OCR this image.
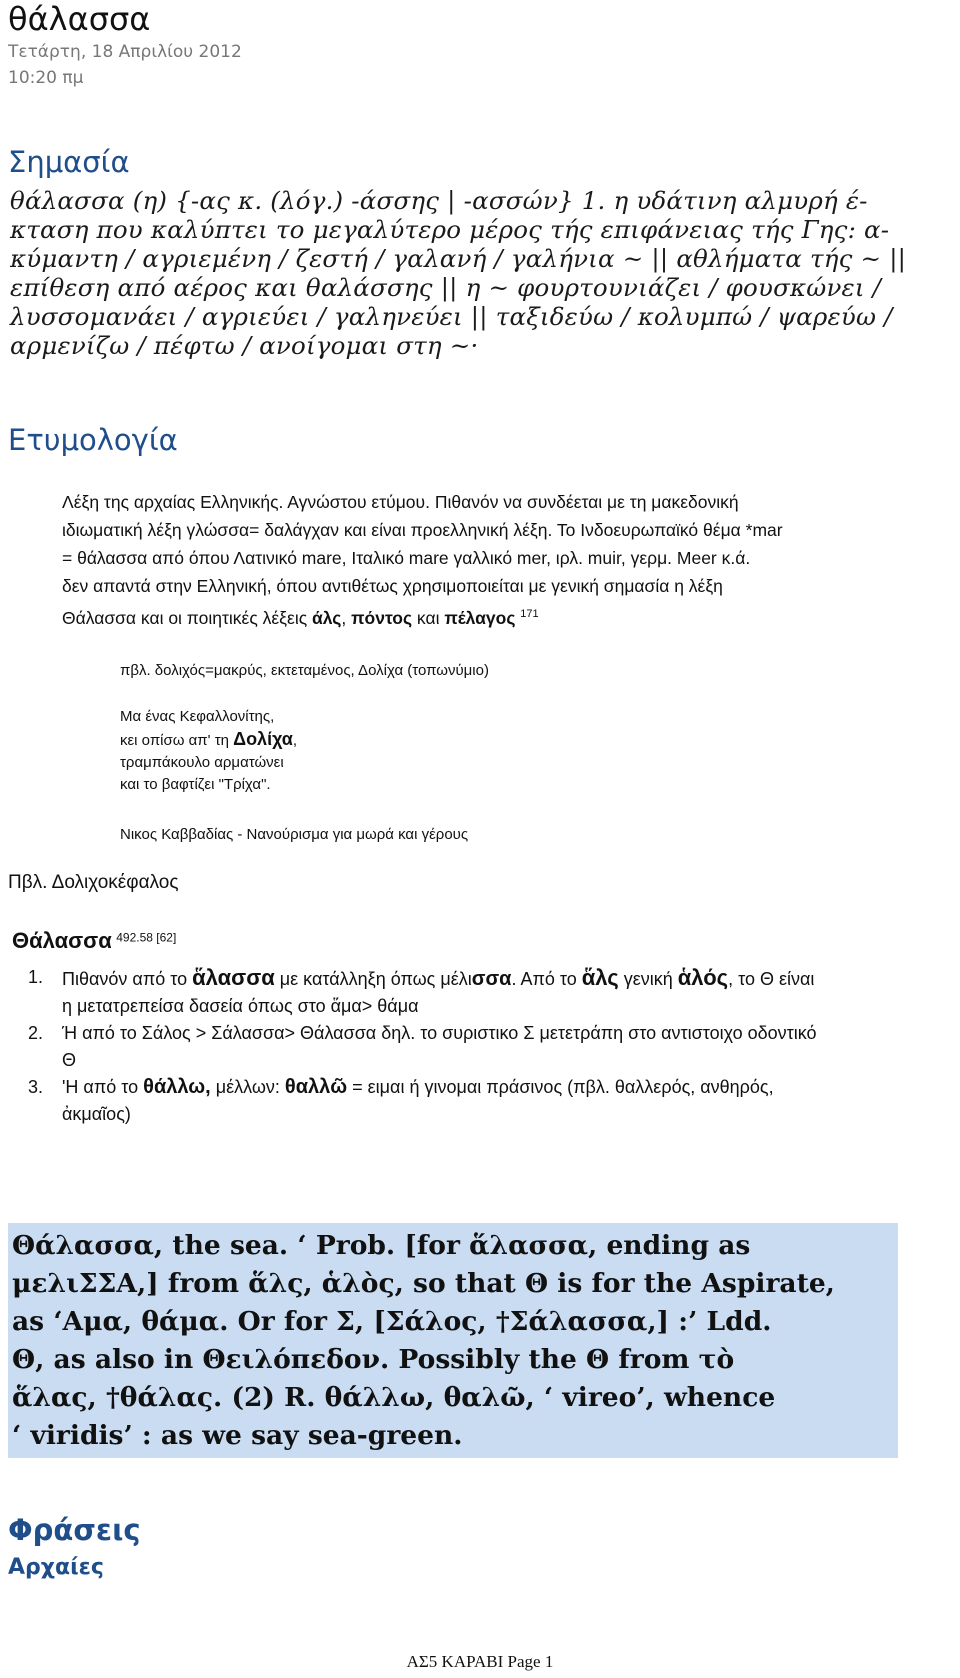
θάλασσα
Τετάρτη, 18 Απριλίου 2012
10:20 πμ
Σημασία
θάλασσα (η) {-ας κ. (λόγ.) -άσσης | -ασσών} 1. η υδάτινη αλμυρή έ-
κταση που καλύπτει το μεγαλύτερο μέρος τής επιφάνειας τής Γης: α-
κύμαντη / αγριεμένη / ζεστή / γαλανή / γαλήνια ~ || αθλήματα τής ~ ||
επίθεση από αέρος και θαλάσσης || η ~ φουρτουνιάζει / φουσκώνει /
λυσσομανάει / αγριεύει / γαληνεύει || ταξιδεύω / κολυμπώ / ψαρεύω /
αρμενίζω / πέφτω / ανοίγομαι στη ~·
Ετυμολογία
Λέξη της αρχαίας Ελληνικής. Αγνώστου ετύμου. Πιθανόν να συνδέεται με τη μακεδονική
ιδιωματική λέξη γλώσσα= δαλάγχαν και είναι προελληνική λέξη. Το Ινδοευρωπαϊκό θέμα *mar
= θάλασσα από όπου Λατινικό mare, Ιταλικό mare γαλλικό mer, ιρλ. muir, γερμ. Meer κ.ά.
δεν απαντά στην Ελληνική, όπου αντιθέτως χρησιμοποιείται με γενική σημασία η λέξη
Θάλασσα και οι ποιητικές λέξεις άλς, πόντος και πέλαγος $^{171}$
πβλ. δολιχός=μακρύς, εκτεταμένος, Δολίχα (τοπωνύμιο)
Μα ένας Κεφαλλονίτης,
κει οπίσω απ' τη Δολίχα,
τραμπάκουλο αρματώνει
και το βαφτίζει "Τρίχα".
Νικος Καββαδίας - Νανούρισμα για μωρά και γέρους
Πβλ. Δολιχοκέφαλος
Θάλασσα $^{492.58 [62]}$
1. Πιθανόν από το ἅλασσα με κατάλληξη όπως μέλισσα. Από το ἅλς γενική ἁλός, το Θ είναι
η μετατρεπείσα δασεία όπως στο ἅμα> θάμα
2. Ή από το Σάλος > Σάλασσα> Θάλασσα δηλ. το συριστικο Σ μετετράπη στο αντιστοιχο οδοντικό
Θ
3. 'Η από το θάλλω, μέλλων: θαλλῶ = ειμαι ή γινομαι πράσινος (πβλ. θαλλερός, ανθηρός,
ἀκμαῖος)
Θάλασσα, the sea. ‘ Prob. [for ἅλασσα, ending as
μελιΣΣΑ,] from ἅλς, ἁλὸς, so that Θ is for the Aspirate,
as ‘Αμα, θάμα. Or for Σ, [Σάλος, †Σάλασσα,] :’ Ldd.
Θ, as also in Θειλόπεδον. Possibly the Θ from τὸ
ἅλας, †θάλας. (2) R. θάλλω, θαλῶ, ‘ vireo’, whence
‘ viridis’ : as we say sea-green.
Φράσεις
Αρχαίες
ΑΣ5 ΚΑΡΑΒΙ Page 1
